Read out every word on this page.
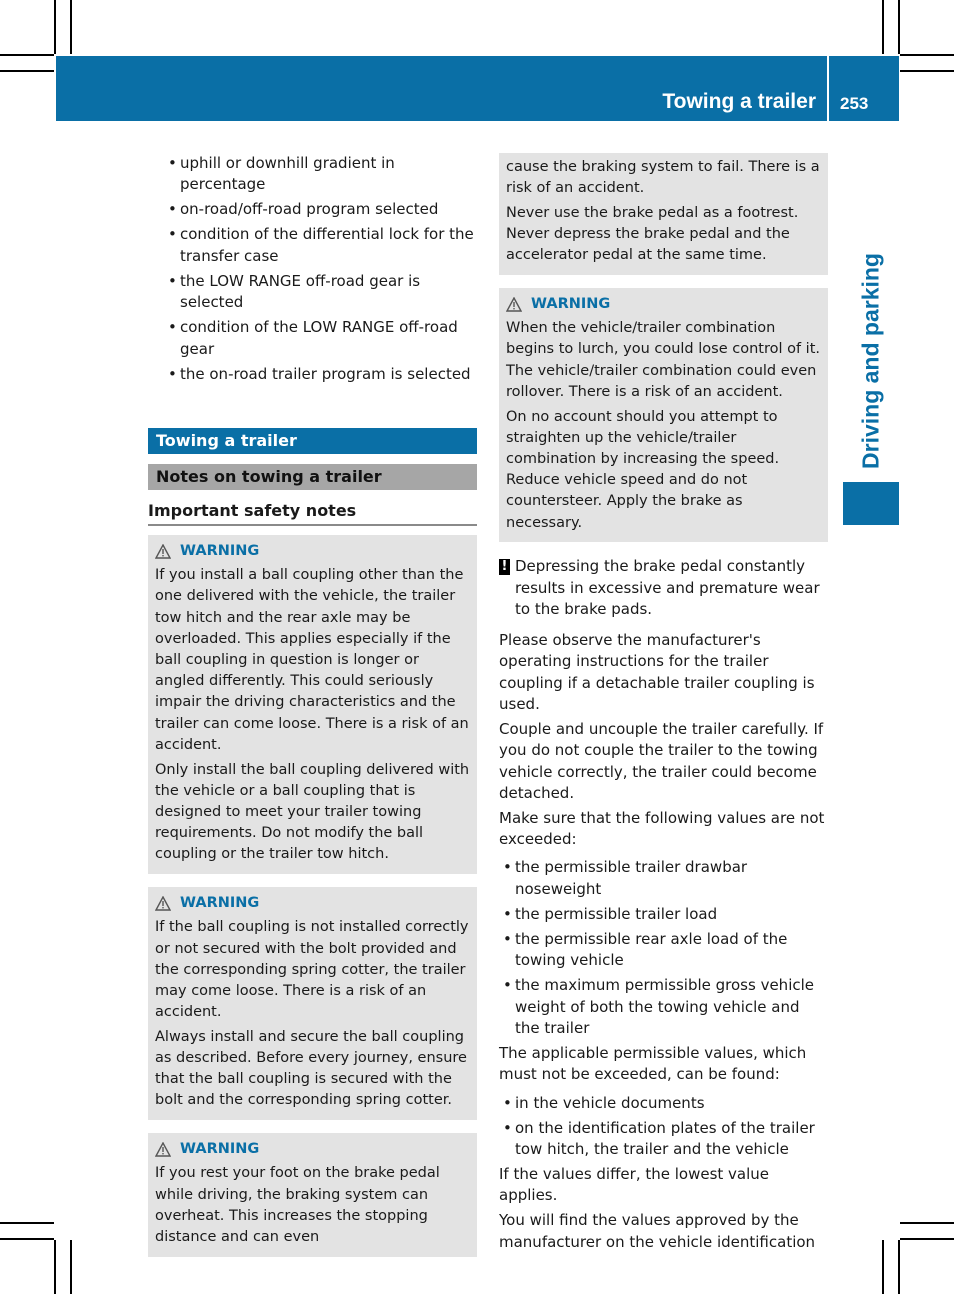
Towing a trailer 253
Driving and parking
• uphill or downhill gradient in percentage
• on-road/off-road program selected
• condition of the differential lock for the transfer case
• the LOW RANGE off-road gear is selected
• condition of the LOW RANGE off-road gear
• the on-road trailer program is selected
Towing a trailer
Notes on towing a trailer
Important safety notes
WARNING

If you install a ball coupling other than the one delivered with the vehicle, the trailer tow hitch and the rear axle may be overloaded. This applies especially if the ball coupling in question is longer or angled differently. This could seriously impair the driving characteristics and the trailer can come loose. There is a risk of an accident.

Only install the ball coupling delivered with the vehicle or a ball coupling that is designed to meet your trailer towing requirements. Do not modify the ball coupling or the trailer tow hitch.

WARNING

If the ball coupling is not installed correctly or not secured with the bolt provided and the corresponding spring cotter, the trailer may come loose. There is a risk of an accident.

Always install and secure the ball coupling as described. Before every journey, ensure that the ball coupling is secured with the bolt and the corresponding spring cotter.

WARNING

If you rest your foot on the brake pedal while driving, the braking system can overheat. This increases the stopping distance and can even

cause the braking system to fail. There is a risk of an accident.

Never use the brake pedal as a footrest. Never depress the brake pedal and the accelerator pedal at the same time.

WARNING

When the vehicle/trailer combination begins to lurch, you could lose control of it. The vehicle/trailer combination could even rollover. There is a risk of an accident.

On no account should you attempt to straighten up the vehicle/trailer combination by increasing the speed. Reduce vehicle speed and do not countersteer. Apply the brake as necessary.

! Depressing the brake pedal constantly results in excessive and premature wear to the brake pads.

Please observe the manufacturer's operating instructions for the trailer coupling if a detachable trailer coupling is used.

Couple and uncouple the trailer carefully. If you do not couple the trailer to the towing vehicle correctly, the trailer could become detached.

Make sure that the following values are not exceeded:

• the permissible trailer drawbar noseweight
• the permissible trailer load
• the permissible rear axle load of the towing vehicle
• the maximum permissible gross vehicle weight of both the towing vehicle and the trailer

The applicable permissible values, which must not be exceeded, can be found:

• in the vehicle documents
• on the identification plates of the trailer tow hitch, the trailer and the vehicle

If the values differ, the lowest value applies.

You will find the values approved by the manufacturer on the vehicle identification
